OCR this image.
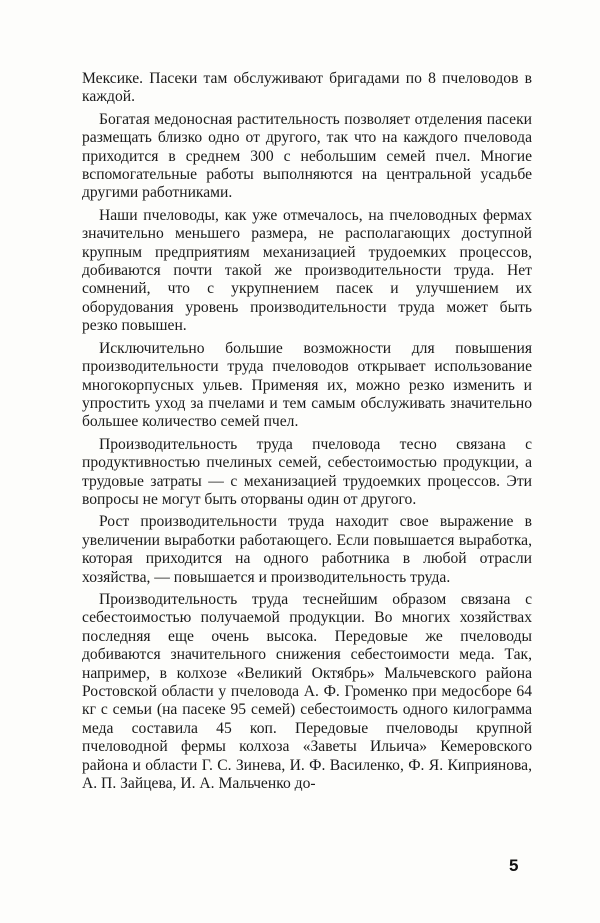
Мексике. Пасеки там обслуживают бригадами по 8 пчеловодов в каждой.

Богатая медоносная растительность позволяет отделения пасеки размещать близко одно от другого, так что на каждого пчеловода приходится в среднем 300 с небольшим семей пчел. Многие вспомогательные работы выполняются на центральной усадьбе другими работниками.

Наши пчеловоды, как уже отмечалось, на пчеловодных фермах значительно меньшего размера, не располагающих доступной крупным предприятиям механизацией трудоемких процессов, добиваются почти такой же производительности труда. Нет сомнений, что с укрупнением пасек и улучшением их оборудования уровень производительности труда может быть резко повышен.

Исключительно большие возможности для повышения производительности труда пчеловодов открывает использование многокорпусных ульев. Применяя их, можно резко изменить и упростить уход за пчелами и тем самым обслуживать значительно большее количество семей пчел.

Производительность труда пчеловода тесно связана с продуктивностью пчелиных семей, себестоимостью продукции, а трудовые затраты — с механизацией трудоемких процессов. Эти вопросы не могут быть оторваны один от другого.

Рост производительности труда находит свое выражение в увеличении выработки работающего. Если повышается выработка, которая приходится на одного работника в любой отрасли хозяйства, — повышается и производительность труда.

Производительность труда теснейшим образом связана с себестоимостью получаемой продукции. Во многих хозяйствах последняя еще очень высока. Передовые же пчеловоды добиваются значительного снижения себестоимости меда. Так, например, в колхозе «Великий Октябрь» Мальчевского района Ростовской области у пчеловода А. Ф. Громенко при медосборе 64 кг с семьи (на пасеке 95 семей) себестоимость одного килограмма меда составила 45 коп. Передовые пчеловоды крупной пчеловодной фермы колхоза «Заветы Ильича» Кемеровского района и области Г. С. Зинева, И. Ф. Василенко, Ф. Я. Киприянова, А. П. Зайцева, И. А. Мальченко до-

5
